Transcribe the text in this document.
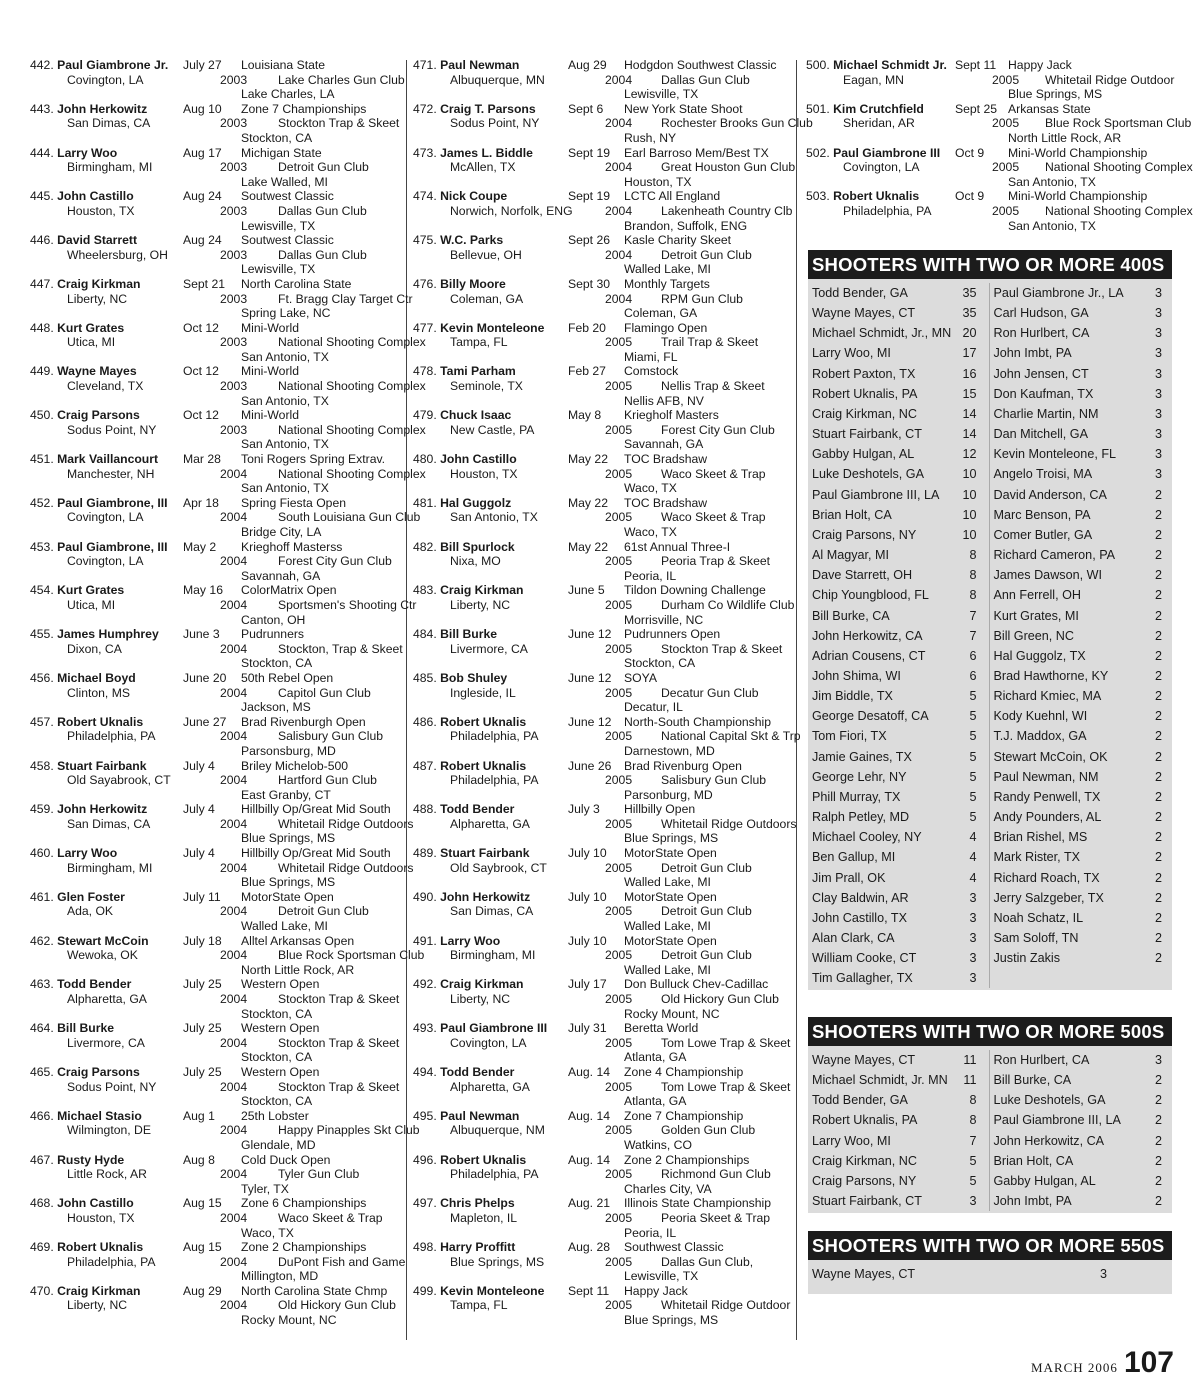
442. Paul Giambrone Jr.	July 27	Louisiana State
Covington, LA	2003	Lake Charles Gun Club
Lake Charles, LA
443. John Herkowitz	Aug 10	Zone 7 Championships
San Dimas, CA	2003	Stockton Trap & Skeet
Stockton, CA
444. Larry Woo	Aug 17	Michigan State
Birmingham, MI	2003	Detroit Gun Club
Lake Walled, MI
445. John Castillo	Aug 24	Soutwest Classic
Houston, TX	2003	Dallas Gun Club
Lewisville, TX
446. David Starrett	Aug 24	Soutwest Classic
Wheelersburg, OH	2003	Dallas Gun Club
Lewisville, TX
447. Craig Kirkman	Sept 21	North Carolina State
Liberty, NC	2003	Ft. Bragg Clay Target Ctr
Spring Lake, NC
448. Kurt Grates	Oct 12	Mini-World
Utica, MI	2003	National Shooting Complex
San Antonio, TX
449. Wayne Mayes	Oct 12	Mini-World
Cleveland, TX	2003	National Shooting Complex
San Antonio, TX
450. Craig Parsons	Oct 12	Mini-World
Sodus Point, NY	2003	National Shooting Complex
San Antonio, TX
451. Mark Vaillancourt	Mar 28	Toni Rogers Spring Extrav.
Manchester, NH	2004	National Shooting Complex
San Antonio, TX
452. Paul Giambrone, III	Apr 18	Spring Fiesta Open
Covington, LA	2004	South Louisiana Gun Club
Bridge City, LA
453. Paul Giambrone, III	May 2	Krieghoff Masterss
Covington, LA	2004	Forest City Gun Club
Savannah, GA
454. Kurt Grates	May 16	ColorMatrix Open
Utica, MI	2004	Sportsmen's Shooting Ctr
Canton, OH
455. James Humphrey	June 3	Pudrunners
Dixon, CA	2004	Stockton, Trap & Skeet
Stockton, CA
456. Michael Boyd	June 20	50th Rebel Open
Clinton, MS	2004	Capitol Gun Club
Jackson, MS
457. Robert Uknalis	June 27	Brad Rivenburgh Open
Philadelphia, PA	2004	Salisbury Gun Club
Parsonsburg, MD
458. Stuart Fairbank	July 4	Briley Michelob-500
Old Sayabrook, CT	2004	Hartford Gun Club
East Granby, CT
459. John Herkowitz	July 4	Hillbilly Op/Great Mid South
San Dimas, CA	2004	Whitetail Ridge Outdoors
Blue Springs, MS
460. Larry Woo	July 4	Hillbilly Op/Great Mid South
Birmingham, MI	2004	Whitetail Ridge Outdoors
Blue Springs, MS
461. Glen Foster	July 11	MotorState Open
Ada, OK	2004	Detroit Gun Club
Walled Lake, MI
462. Stewart McCoin	July 18	Alltel Arkansas Open
Wewoka, OK	2004	Blue Rock Sportsman Club
North Little Rock, AR
463. Todd Bender	July 25	Western Open
Alpharetta, GA	2004	Stockton Trap & Skeet
Stockton, CA
464. Bill Burke	July 25	Western Open
Livermore, CA	2004	Stockton Trap & Skeet
Stockton, CA
465. Craig Parsons	July 25	Western Open
Sodus Point, NY	2004	Stockton Trap & Skeet
Stockton, CA
466. Michael Stasio	Aug 1	25th Lobster
Wilmington, DE	2004	Happy Pinapples Skt Club
Glendale, MD
467. Rusty Hyde	Aug 8	Cold Duck Open
Little Rock, AR	2004	Tyler Gun Club
Tyler, TX
468. John Castillo	Aug 15	Zone 6 Championships
Houston, TX	2004	Waco Skeet & Trap
Waco, TX
469. Robert Uknalis	Aug 15	Zone 2 Championships
Philadelphia, PA	2004	DuPont Fish and Game
Millington, MD
470. Craig Kirkman	Aug 29	North Carolina State Chmp
Liberty, NC	2004	Old Hickory Gun Club
Rocky Mount, NC
471. Paul Newman	Aug 29	Hodgdon Southwest Classic
Albuquerque, MN	2004	Dallas Gun Club
Lewisville, TX
472. Craig T. Parsons	Sept 6	New York State Shoot
Sodus Point, NY	2004	Rochester Brooks Gun Club
Rush, NY
473. James L. Biddle	Sept 19	Earl Barroso Mem/Best TX
McAllen, TX	2004	Great Houston Gun Club
Houston, TX
474. Nick Coupe	Sept 19	LCTC All England
Norwich, Norfolk, ENG	2004	Lakenheath Country Clb
Brandon, Suffolk, ENG
475. W.C. Parks	Sept 26	Kasle Charity Skeet
Bellevue, OH	2004	Detroit Gun Club
Walled Lake, MI
476. Billy Moore	Sept 30	Monthly Targets
Coleman, GA	2004	RPM Gun Club
Coleman, GA
477. Kevin Monteleone	Feb 20	Flamingo Open
Tampa, FL	2005	Trail Trap & Skeet
Miami, FL
478. Tami Parham	Feb 27	Comstock
Seminole, TX	2005	Nellis Trap & Skeet
Nellis AFB, NV
479. Chuck Isaac	May 8	Kriegholf Masters
New Castle, PA	2005	Forest City Gun Club
Savannah, GA
480. John Castillo	May 22	TOC Bradshaw
Houston, TX	2005	Waco Skeet & Trap
Waco, TX
481. Hal Guggolz	May 22	TOC Bradshaw
San Antonio, TX	2005	Waco Skeet & Trap
Waco, TX
482. Bill Spurlock	May 22	61st Annual Three-I
Nixa, MO	2005	Peoria Trap & Skeet
Peoria, IL
483. Craig Kirkman	June 5	Tildon Downing Challenge
Liberty, NC	2005	Durham Co Wildlife Club
Morrisville, NC
484. Bill Burke	June 12	Pudrunners Open
Livermore, CA	2005	Stockton Trap & Skeet
Stockton, CA
485. Bob Shuley	June 12	SOYA
Ingleside, IL	2005	Decatur Gun Club
Decatur, IL
486. Robert Uknalis	June 12	North-South Championship
Philadelphia, PA	2005	National Capital Skt & Trp
Darnestown, MD
487. Robert Uknalis	June 26	Brad Rivenburg Open
Philadelphia, PA	2005	Salisbury Gun Club
Parsonburg, MD
488. Todd Bender	July 3	Hillbilly Open
Alpharetta, GA	2005	Whitetail Ridge Outdoors
Blue Springs, MS
489. Stuart Fairbank	July 10	MotorState Open
Old Saybrook, CT	2005	Detroit Gun Club
Walled Lake, MI
490. John Herkowitz	July 10	MotorState Open
San Dimas, CA	2005	Detroit Gun Club
Walled Lake, MI
491. Larry Woo	July 10	MotorState Open
Birmingham, MI	2005	Detroit Gun Club
Walled Lake, MI
492. Craig Kirkman	July 17	Don Bulluck Chev-Cadillac
Liberty, NC	2005	Old Hickory Gun Club
Rocky Mount, NC
493. Paul Giambrone III	July 31	Beretta World
Covington, LA	2005	Tom Lowe Trap & Skeet
Atlanta, GA
494. Todd Bender	Aug. 14	Zone 4 Championship
Alpharetta, GA	2005	Tom Lowe Trap & Skeet
Atlanta, GA
495. Paul Newman	Aug. 14	Zone 7 Championship
Albuquerque, NM	2005	Golden Gun Club
Watkins, CO
496. Robert Uknalis	Aug. 14	Zone 2 Championships
Philadelphia, PA	2005	Richmond Gun Club
Charles City, VA
497. Chris Phelps	Aug. 21	Illinois State Championship
Mapleton, IL	2005	Peoria Skeet & Trap
Peoria, IL
498. Harry Proffitt	Aug. 28	Southwest Classic
Blue Springs, MS	2005	Dallas Gun Club,
Lewisville, TX
499. Kevin Monteleone	Sept 11	Happy Jack
Tampa, FL	2005	Whitetail Ridge Outdoor
Blue Springs, MS
500. Michael Schmidt Jr. Sept 11 Happy Jack
Eagan, MN	2005	Whitetail Ridge Outdoor
Blue Springs, MS
501. Kim Crutchfield	Sept 25 Arkansas State
Sheridan, AR	2005	Blue Rock Sportsman Club
North Little Rock, AR
502. Paul Giambrone III	Oct 9	Mini-World Championship
Covington, LA	2005	National Shooting Complex
San Antonio, TX
503. Robert Uknalis	Oct 9	Mini-World Championship
Philadelphia, PA	2005	National Shooting Complex
San Antonio, TX
SHOOTERS WITH TWO OR MORE 400S
Todd Bender, GA	35
Wayne Mayes, CT	35
Michael Schmidt, Jr., MN 20
Larry Woo, MI	17
Robert Paxton, TX	16
Robert Uknalis, PA	15
Craig Kirkman, NC	14
Stuart Fairbank, CT	14
Gabby Hulgan, AL	12
Luke Deshotels, GA	10
Paul Giambrone III, LA 10
Brian Holt, CA	10
Craig Parsons, NY	10
Al Magyar, MI	8
Dave Starrett, OH	8
Chip Youngblood, FL	8
Bill Burke, CA	7
John Herkowitz, CA	7
Adrian Cousens, CT	6
John Shima, WI	6
Jim Biddle, TX	5
George Desatoff, CA	5
Tom Fiori, TX	5
Jamie Gaines, TX	5
George Lehr, NY	5
Phill Murray, TX	5
Ralph Petley, MD	5
Michael Cooley, NY	4
Ben Gallup, MI	4
Jim Prall, OK	4
Clay Baldwin, AR	3
John Castillo, TX	3
Alan Clark, CA	3
William Cooke, CT	3
Tim Gallagher, TX	3
Paul Giambrone Jr., LA 3
Carl Hudson, GA	3
Ron Hurlbert, CA	3
John Imbt, PA	3
John Jensen, CT	3
Don Kaufman, TX	3
Charlie Martin, NM	3
Dan Mitchell, GA	3
Kevin Monteleone, FL	3
Angelo Troisi, MA	3
David Anderson, CA	2
Marc Benson, PA	2
Comer Butler, GA	2
Richard Cameron, PA	2
James Dawson, WI	2
Ann Ferrell, OH	2
Kurt Grates, MI	2
Bill Green, NC	2
Hal Guggolz, TX	2
Brad Hawthorne, KY	2
Richard Kmiec, MA	2
Kody Kuehnl, WI	2
T.J. Maddox, GA	2
Stewart McCoin, OK	2
Paul Newman, NM	2
Randy Penwell, TX	2
Andy Pounders, AL	2
Brian Rishel, MS	2
Mark Rister, TX	2
Richard Roach, TX	2
Jerry Salzgeber, TX	2
Noah Schatz, IL	2
Sam Soloff, TN	2
Justin Zakis	2
SHOOTERS WITH TWO OR MORE 500S
Wayne Mayes, CT	11
Michael Schmidt, Jr. MN 11
Todd Bender, GA	8
Robert Uknalis, PA	8
Larry Woo, MI	7
Craig Kirkman, NC	5
Craig Parsons, NY	5
Stuart Fairbank, CT	3
Ron Hurlbert, CA	3
Bill Burke, CA	2
Luke Deshotels, GA	2
Paul Giambrone III, LA	2
John Herkowitz, CA	2
Brian Holt, CA	2
Gabby Hulgan, AL	2
John Imbt, PA	2
SHOOTERS WITH TWO OR MORE 550S
Wayne Mayes, CT	3
MARCH 2006 107
